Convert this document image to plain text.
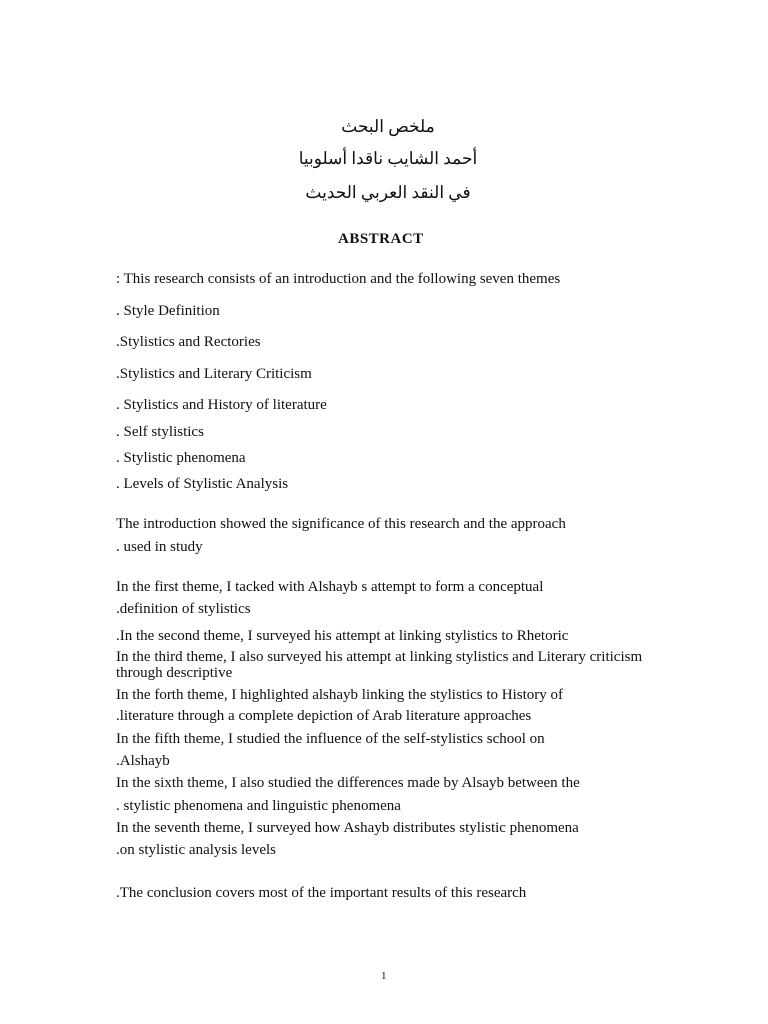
ملخص البحث
أحمد الشايب ناقدا أسلوبيا
في النقد العربي الحديث
ABSTRACT
: This research consists of an introduction and the following seven themes
. Style Definition
.Stylistics and Rectories
.Stylistics and Literary Criticism
. Stylistics and History of literature
. Self stylistics
. Stylistic phenomena
. Levels of Stylistic Analysis
The introduction showed the significance of this research and the approach
. used in study
In the first theme, I tacked with Alshayb s attempt to form a conceptual
.definition of stylistics
.In the second theme, I surveyed his attempt at linking stylistics to Rhetoric
In the third theme, I also surveyed his attempt at linking stylistics and Literary criticism through descriptive
In the forth theme, I highlighted alshayb linking the stylistics to History of
.literature through a complete depiction of Arab literature approaches
In the fifth theme, I studied the influence of the self-stylistics school on
.Alshayb
In the sixth theme, I also studied the differences made by Alsayb between the
. stylistic phenomena and linguistic phenomena
In the seventh theme, I surveyed how Ashayb distributes stylistic phenomena
.on stylistic analysis levels
.The conclusion covers most of the important results of this research
1
